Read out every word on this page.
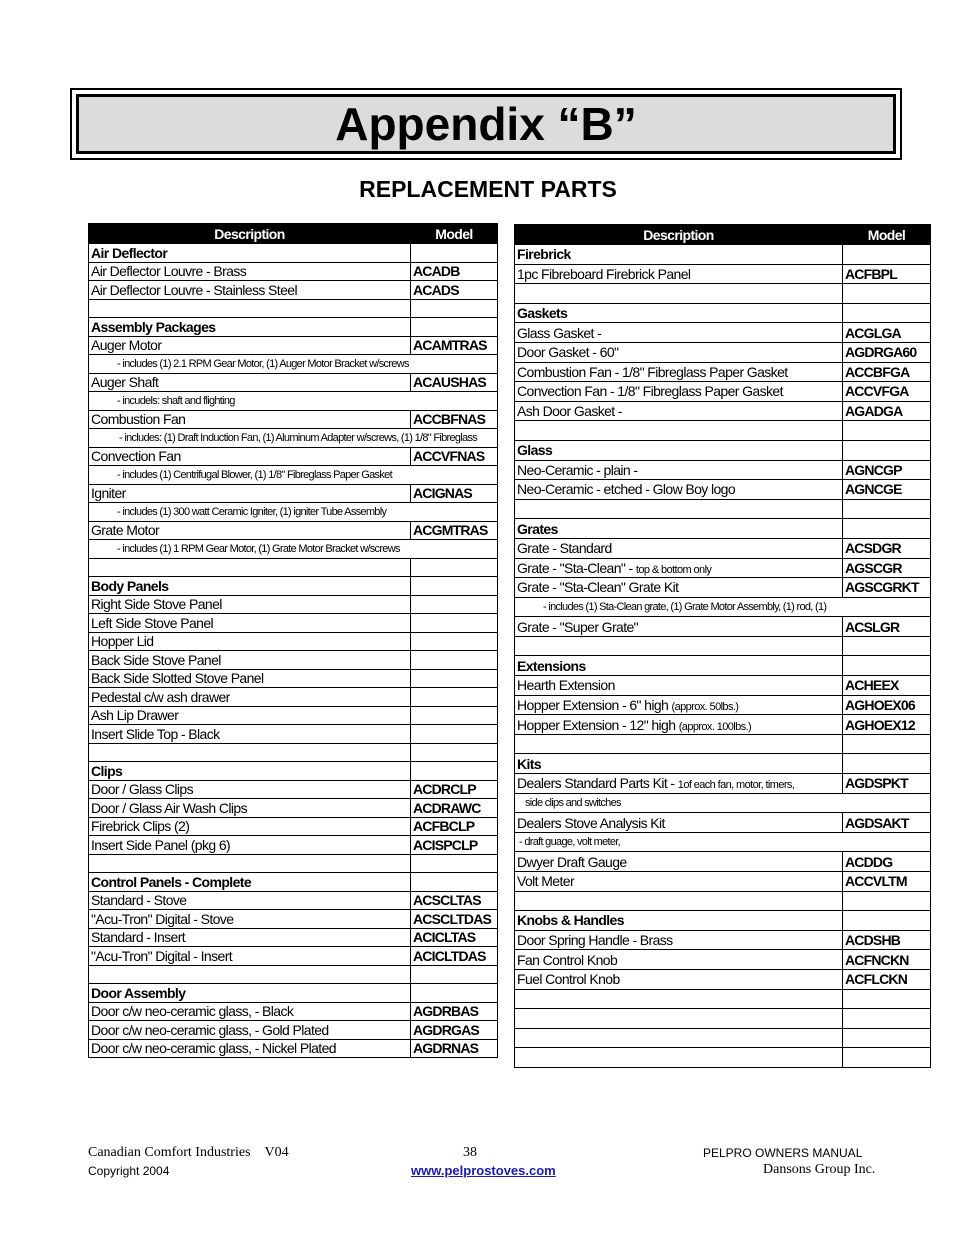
Appendix “B”
REPLACEMENT PARTS
Description	Model
Air Deflector	
Air Deflector Louvre - Brass	ACADB
Air Deflector Louvre - Stainless Steel	ACADS

Assembly Packages	
Auger Motor	ACAMTRAS
- includes (1) 2.1 RPM Gear Motor, (1) Auger Motor Bracket w/screws	
Auger Shaft	ACAUSHAS
- incudels: shaft and flighting	
Combustion Fan	ACCBFNAS
- includes: (1) Draft Induction Fan, (1) Aluminum Adapter w/screws, (1) 1/8" Fibreglass	
Convection Fan	ACCVFNAS
- includes (1) Centrifugal Blower, (1) 1/8" Fibreglass Paper Gasket	
Igniter	ACIGNAS
- includes (1) 300 watt Ceramic Igniter, (1) igniter Tube Assembly	
Grate Motor	ACGMTRAS
- includes (1) 1 RPM Gear Motor, (1) Grate Motor Bracket w/screws	

Body Panels	
Right Side Stove Panel	
Left Side Stove Panel	
Hopper Lid	
Back Side Stove Panel	
Back Side Slotted Stove Panel	
Pedestal c/w ash drawer	
Ash Lip Drawer	
Insert Slide Top - Black	

Clips	
Door / Glass Clips	ACDRCLP
Door / Glass Air Wash Clips	ACDRAWC
Firebrick Clips (2)	ACFBCLP
Insert Side Panel (pkg 6)	ACISPCLP

Control Panels - Complete	
Standard - Stove	ACSCLTAS
"Acu-Tron" Digital - Stove	ACSCLTDAS
Standard - Insert	ACICLTAS
"Acu-Tron" Digital - Insert	ACICLTDAS

Door Assembly	
Door c/w neo-ceramic glass, - Black	AGDRBAS
Door c/w neo-ceramic glass, - Gold Plated	AGDRGAS
Door c/w neo-ceramic glass, - Nickel Plated	AGDRNAS
Description	Model
Firebrick	
1pc Fibreboard Firebrick Panel	ACFBPL

Gaskets	
Glass Gasket -	ACGLGA
Door Gasket - 60"	AGDRGA60
Combustion Fan - 1/8" Fibreglass Paper Gasket	ACCBFGA
Convection Fan - 1/8" Fibreglass Paper Gasket	ACCVFGA
Ash Door Gasket -	AGADGA

Glass	
Neo-Ceramic - plain -	AGNCGP
Neo-Ceramic - etched - Glow Boy logo	AGNCGE

Grates	
Grate - Standard	ACSDGR
Grate - "Sta-Clean" - top & bottom only	AGSCGR
Grate - "Sta-Clean" Grate Kit	AGSCGRKT
- includes (1) Sta-Clean grate, (1) Grate Motor Assembly, (1) rod, (1)	
Grate - "Super Grate"	ACSLGR

Extensions	
Hearth Extension	ACHEEX
Hopper Extension - 6" high (approx. 50lbs.)	AGHOEX06
Hopper Extension - 12" high (approx. 100lbs.)	AGHOEX12

Kits	
Dealers Standard Parts Kit - 1of each fan, motor, timers,	AGDSPKT
side clips and switches	
Dealers Stove Analysis Kit	AGDSAKT
- draft guage, volt meter,	
Dwyer Draft Gauge	ACDDG
Volt Meter	ACCVLTM

Knobs & Handles	
Door Spring Handle - Brass	ACDSHB
Fan Control Knob	ACFNCKN
Fuel Control Knob	ACFLCKN

Canadian Comfort Industries V04
Copyright 2004
38
www.pelprostoves.com
PELPRO OWNERS MANUAL
Dansons Group Inc.
